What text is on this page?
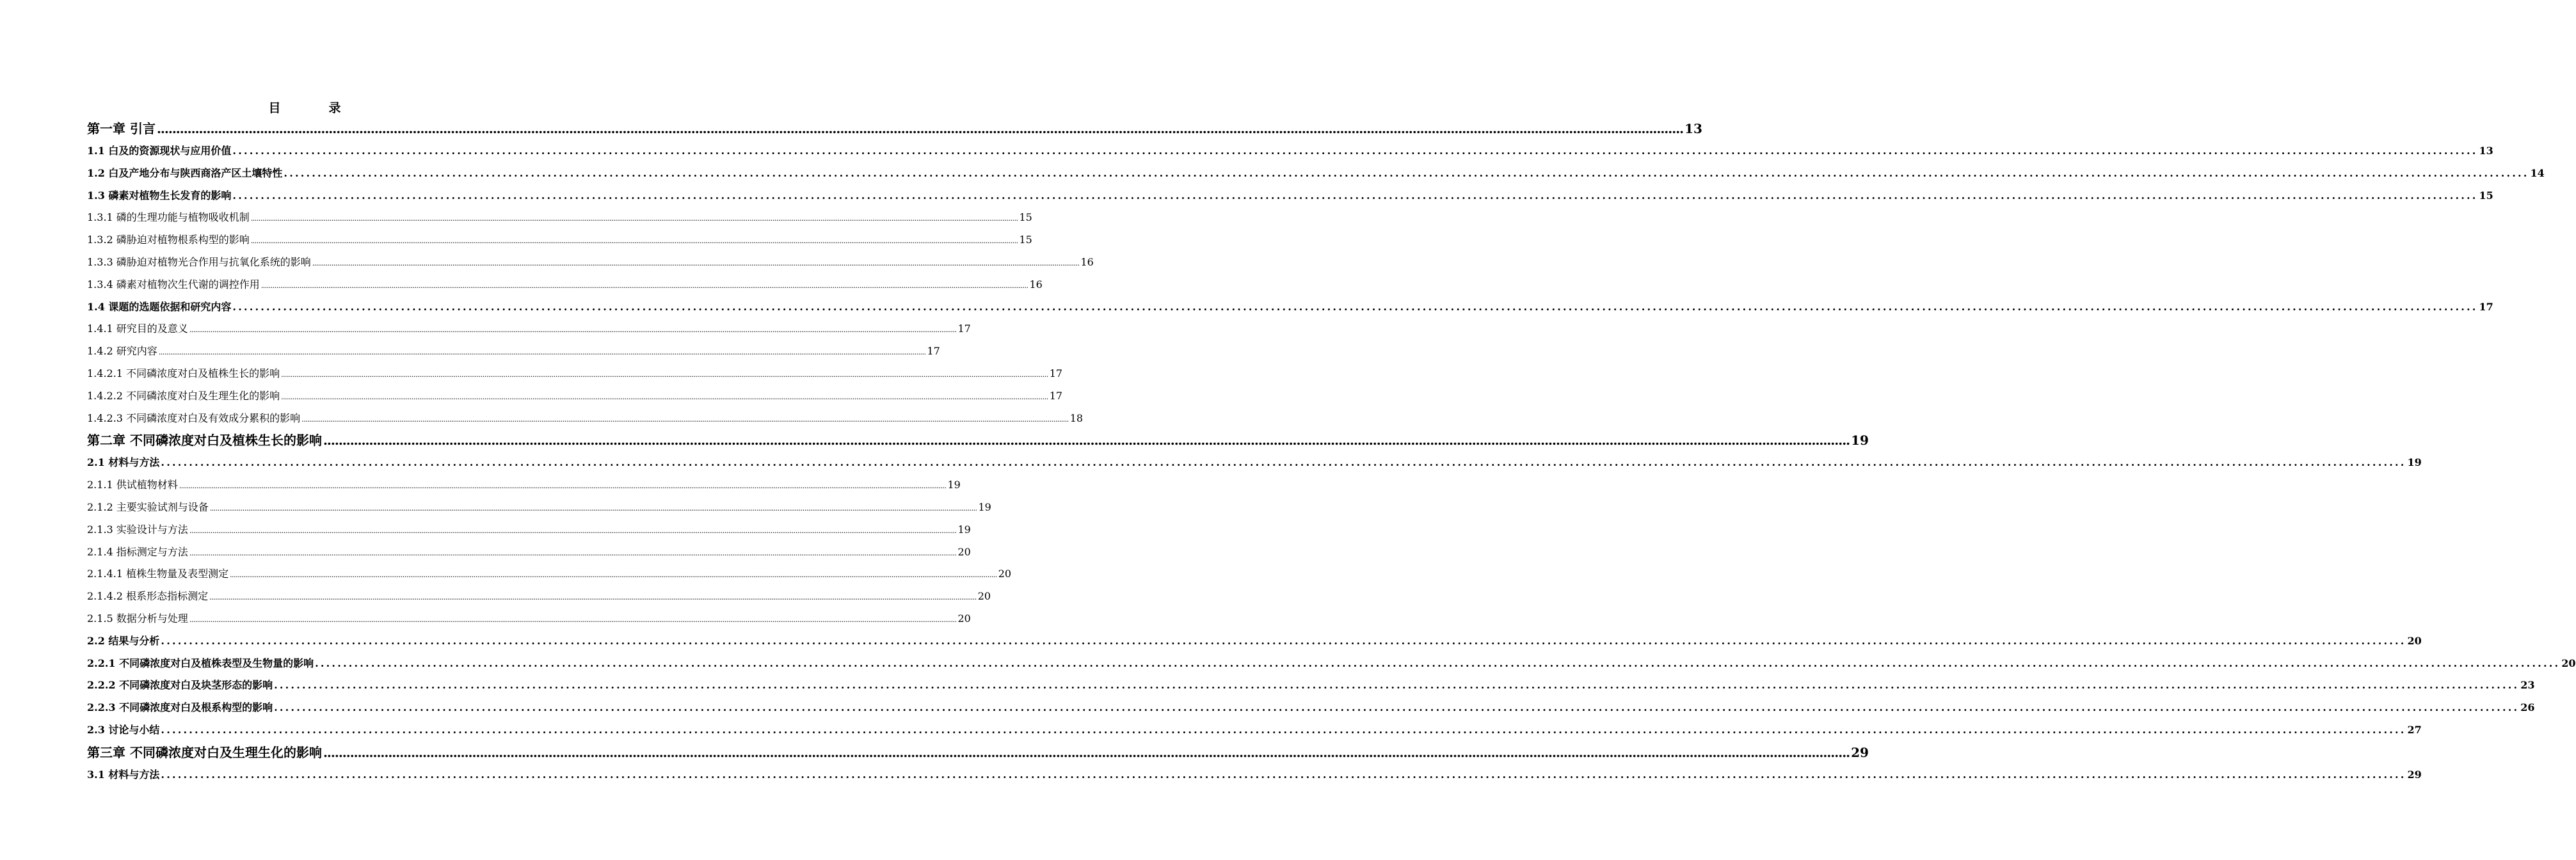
目　录
第一章 引言 ................................................................................................................................................................................................................................................................................................................................................................................................................ 13
1.1 白及的资源现状与应用价值 ................................................................................................................................................................................................................................................................................................................................................................................................................ 13
1.2 白及产地分布与陕西商洛产区土壤特性 ................................................................................................................................................................................................................................................................................................................................................................................................................ 14
1.3 磷素对植物生长发育的影响 ................................................................................................................................................................................................................................................................................................................................................................................................................ 15
1.3.1 磷的生理功能与植物吸收机制 ................................................................................................................................................................................................................................................................................................................................................................................................................ 15
1.3.2 磷胁迫对植物根系构型的影响 ................................................................................................................................................................................................................................................................................................................................................................................................................ 15
1.3.3 磷胁迫对植物光合作用与抗氧化系统的影响 ................................................................................................................................................................................................................................................................................................................................................................................................................ 16
1.3.4 磷素对植物次生代谢的调控作用 ................................................................................................................................................................................................................................................................................................................................................................................................................ 16
1.4 课题的选题依据和研究内容 ................................................................................................................................................................................................................................................................................................................................................................................................................ 17
1.4.1 研究目的及意义 ................................................................................................................................................................................................................................................................................................................................................................................................................ 17
1.4.2 研究内容 ................................................................................................................................................................................................................................................................................................................................................................................................................ 17
1.4.2.1 不同磷浓度对白及植株生长的影响 ................................................................................................................................................................................................................................................................................................................................................................................................................ 17
1.4.2.2 不同磷浓度对白及生理生化的影响 ................................................................................................................................................................................................................................................................................................................................................................................................................ 17
1.4.2.3 不同磷浓度对白及有效成分累积的影响 ................................................................................................................................................................................................................................................................................................................................................................................................................ 18
第二章 不同磷浓度对白及植株生长的影响 ................................................................................................................................................................................................................................................................................................................................................................................................................ 19
2.1 材料与方法 ................................................................................................................................................................................................................................................................................................................................................................................................................ 19
2.1.1 供试植物材料 ................................................................................................................................................................................................................................................................................................................................................................................................................ 19
2.1.2 主要实验试剂与设备 ................................................................................................................................................................................................................................................................................................................................................................................................................ 19
2.1.3 实验设计与方法 ................................................................................................................................................................................................................................................................................................................................................................................................................ 19
2.1.4 指标测定与方法 ................................................................................................................................................................................................................................................................................................................................................................................................................ 20
2.1.4.1 植株生物量及表型测定 ................................................................................................................................................................................................................................................................................................................................................................................................................ 20
2.1.4.2 根系形态指标测定 ................................................................................................................................................................................................................................................................................................................................................................................................................ 20
2.1.5 数据分析与处理 ................................................................................................................................................................................................................................................................................................................................................................................................................ 20
2.2 结果与分析 ................................................................................................................................................................................................................................................................................................................................................................................................................ 20
2.2.1 不同磷浓度对白及植株表型及生物量的影响 ................................................................................................................................................................................................................................................................................................................................................................................................................ 20
2.2.2 不同磷浓度对白及块茎形态的影响 ................................................................................................................................................................................................................................................................................................................................................................................................................ 23
2.2.3 不同磷浓度对白及根系构型的影响 ................................................................................................................................................................................................................................................................................................................................................................................................................ 26
2.3 讨论与小结 ................................................................................................................................................................................................................................................................................................................................................................................................................ 27
第三章 不同磷浓度对白及生理生化的影响 ................................................................................................................................................................................................................................................................................................................................................................................................................ 29
3.1 材料与方法 ................................................................................................................................................................................................................................................................................................................................................................................................................ 29
